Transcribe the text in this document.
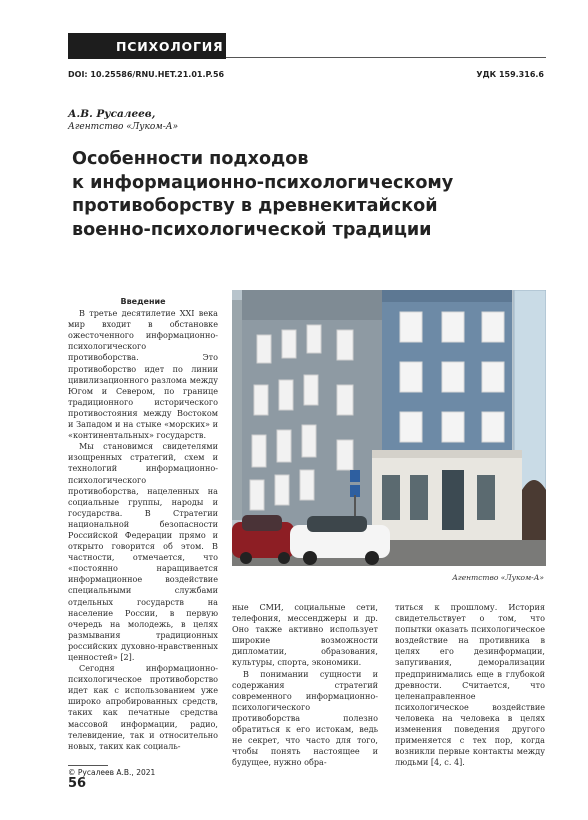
ПСИХОЛОГИЯ
DOI: 10.25586/RNU.HET.21.01.P.56	УДК 159.316.6
А.В. Русалеев,
Агентство «Луком-А»
Особенности подходов
к информационно-психологическому
противоборству в древнекитайской
военно-психологической традиции

Введение

В третье десятилетие XXI века мир входит в обстановке ожесточенного информационно-психологического противоборства. Это противоборство идет по линии цивилизационного разлома между Югом и Севером, по границе традиционного исторического противостояния между Востоком и Западом и на стыке «морских» и «континентальных» государств.

Мы становимся свидетелями изощренных стратегий, схем и технологий информационно-психологического противоборства, нацеленных на социальные группы, народы и государства. В Стратегии национальной безопасности Российской Федерации прямо и открыто говорится об этом. В частности, отмечается, что «постоянно наращивается информационное воздействие специальными службами отдельных государств на население России, в первую очередь на молодежь, в целях размывания традиционных российских духовно-нравственных ценностей» [2].

Сегодня информационно-психологическое противоборство идет как с использованием уже широко апробированных средств, таких как печатные средства массовой информации, радио, телевидение, так и относительно новых, таких как социаль-

Агентство «Луком-А»

ные СМИ, социальные сети, телефония, мессенджеры и др. Оно также активно использует широкие возможности дипломатии, образования, культуры, спорта, экономики.

В понимании сущности и содержания стратегий современного информационно-психологического противоборства полезно обратиться к его истокам, ведь не секрет, что часто для того, чтобы понять настоящее и будущее, нужно обра-

титься к прошлому. История свидетельствует о том, что попытки оказать психологическое воздействие на противника в целях его дезинформации, запугивания, деморализации предпринимались еще в глубокой древности. Считается, что целенаправленное психологическое воздействие человека на человека в целях изменения поведения другого применяется с тех пор, когда возникли первые контакты между людьми [4, с. 4].

© Русалеев А.В., 2021
56
